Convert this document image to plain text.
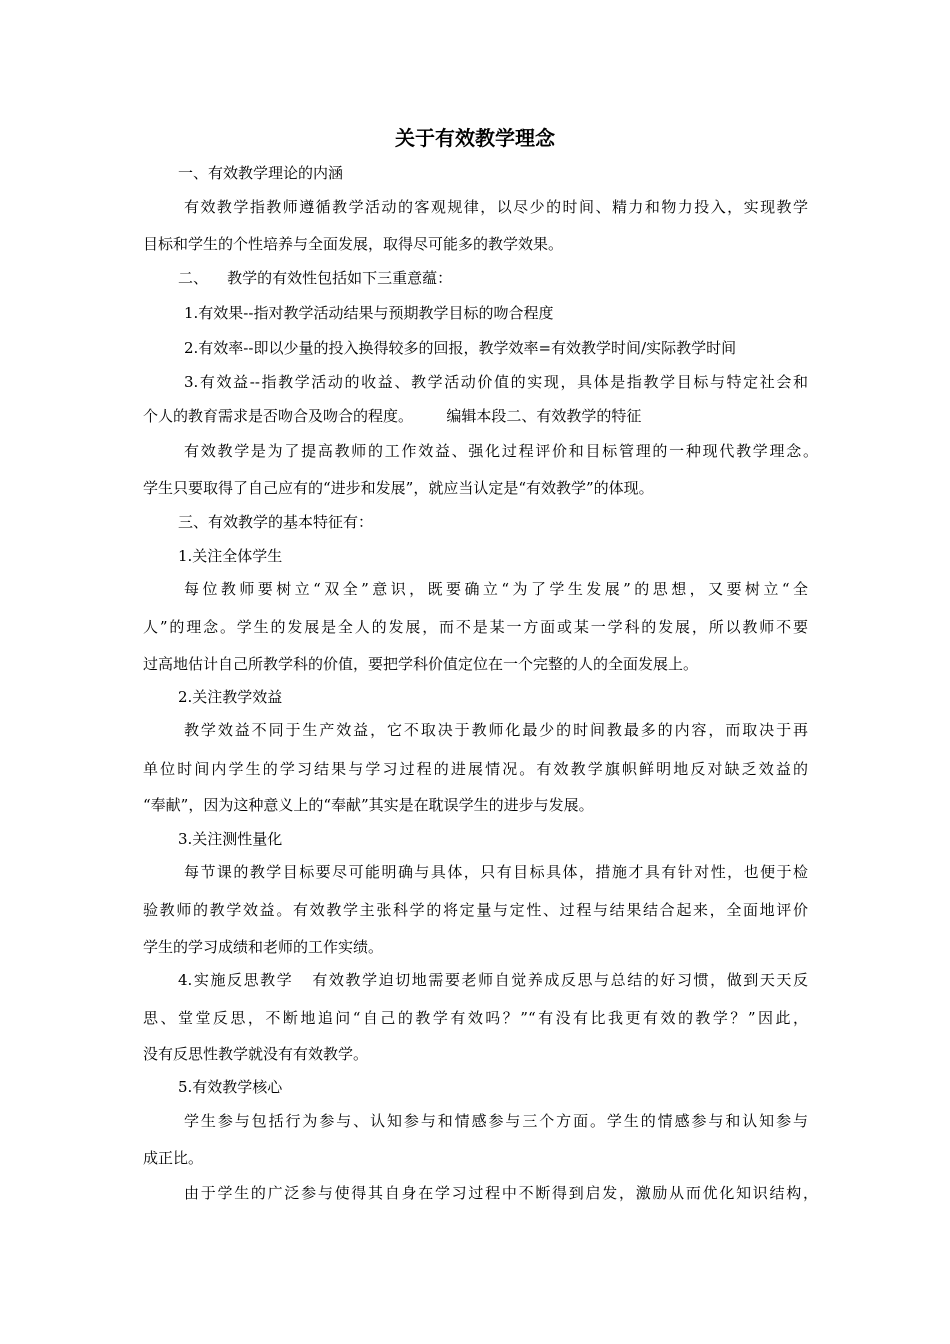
关于有效教学理念
一、有效教学理论的内涵
有效教学指教师遵循教学活动的客观规律，以尽少的时间、精力和物力投入，实现教学
目标和学生的个性培养与全面发展，取得尽可能多的教学效果。
二、    教学的有效性包括如下三重意蕴：
1.有效果--指对教学活动结果与预期教学目标的吻合程度
2.有效率--即以少量的投入换得较多的回报，教学效率=有效教学时间/实际教学时间
3.有效益--指教学活动的收益、教学活动价值的实现，具体是指教学目标与特定社会和
个人的教育需求是否吻合及吻合的程度。       编辑本段二、有效教学的特征
有效教学是为了提高教师的工作效益、强化过程评价和目标管理的一种现代教学理念。
学生只要取得了自己应有的“进步和发展”，就应当认定是“有效教学”的体现。
三、有效教学的基本特征有：
1.关注全体学生
每位教师要树立“双全”意识，既要确立“为了学生发展”的思想，又要树立“全
人”的理念。学生的发展是全人的发展，而不是某一方面或某一学科的发展，所以教师不要
过高地估计自己所教学科的价值，要把学科价值定位在一个完整的人的全面发展上。
2.关注教学效益
教学效益不同于生产效益，它不取决于教师化最少的时间教最多的内容，而取决于再
单位时间内学生的学习结果与学习过程的进展情况。有效教学旗帜鲜明地反对缺乏效益的
“奉献”，因为这种意义上的“奉献”其实是在耽误学生的进步与发展。
3.关注测性量化
每节课的教学目标要尽可能明确与具体，只有目标具体，措施才具有针对性，也便于检
验教师的教学效益。有效教学主张科学的将定量与定性、过程与结果结合起来，全面地评价
学生的学习成绩和老师的工作实绩。
4.实施反思教学   有效教学迫切地需要老师自觉养成反思与总结的好习惯，做到天天反
思、堂堂反思，不断地追问“自己的教学有效吗？”“有没有比我更有效的教学？”因此，
没有反思性教学就没有有效教学。
5.有效教学核心
学生参与包括行为参与、认知参与和情感参与三个方面。学生的情感参与和认知参与
成正比。
由于学生的广泛参与使得其自身在学习过程中不断得到启发，激励从而优化知识结构，
